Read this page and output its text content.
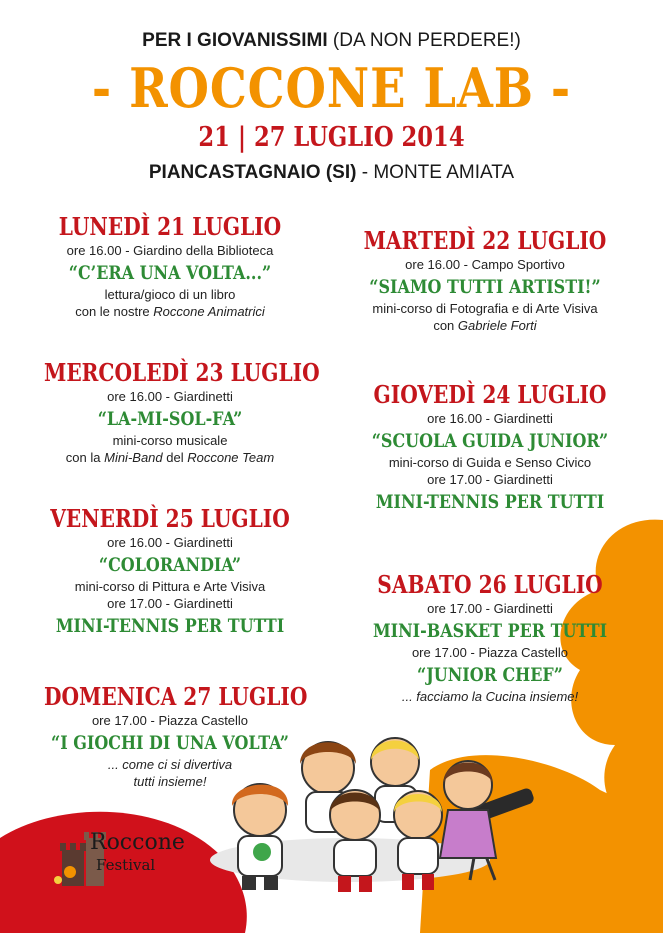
PER I GIOVANISSIMI (DA NON PERDERE!)
- ROCCONE LAB -
21 | 27 LUGLIO 2014
PIANCASTAGNAIO (SI) - MONTE AMIATA
LUNEDÌ 21 LUGLIO
ore 16.00 - Giardino della Biblioteca
“C’ERA UNA VOLTA...”
lettura/gioco di un libro
con le nostre Roccone Animatrici
MARTEDÌ 22 LUGLIO
ore 16.00 - Campo Sportivo
“SIAMO TUTTI ARTISTI!”
mini-corso di Fotografia e di Arte Visiva
con Gabriele Forti
MERCOLEDÌ 23 LUGLIO
ore 16.00 - Giardinetti
“LA-MI-SOL-FA”
mini-corso musicale
con la Mini-Band del Roccone Team
GIOVEDÌ 24 LUGLIO
ore 16.00 - Giardinetti
“SCUOLA GUIDA JUNIOR”
mini-corso di Guida e Senso Civico
ore 17.00 - Giardinetti
MINI-TENNIS PER TUTTI
VENERDÌ 25 LUGLIO
ore 16.00 - Giardinetti
“COLORANDIA”
mini-corso di Pittura e Arte Visiva
ore 17.00 - Giardinetti
MINI-TENNIS PER TUTTI
SABATO 26 LUGLIO
ore 17.00 - Giardinetti
MINI-BASKET PER TUTTI
ore 17.00 - Piazza Castello
“JUNIOR CHEF”
... facciamo la Cucina insieme!
DOMENICA 27 LUGLIO
ore 17.00 - Piazza Castello
“I GIOCHI DI UNA VOLTA”
... come ci si divertiva
tutti insieme!
Roccone
Festival
